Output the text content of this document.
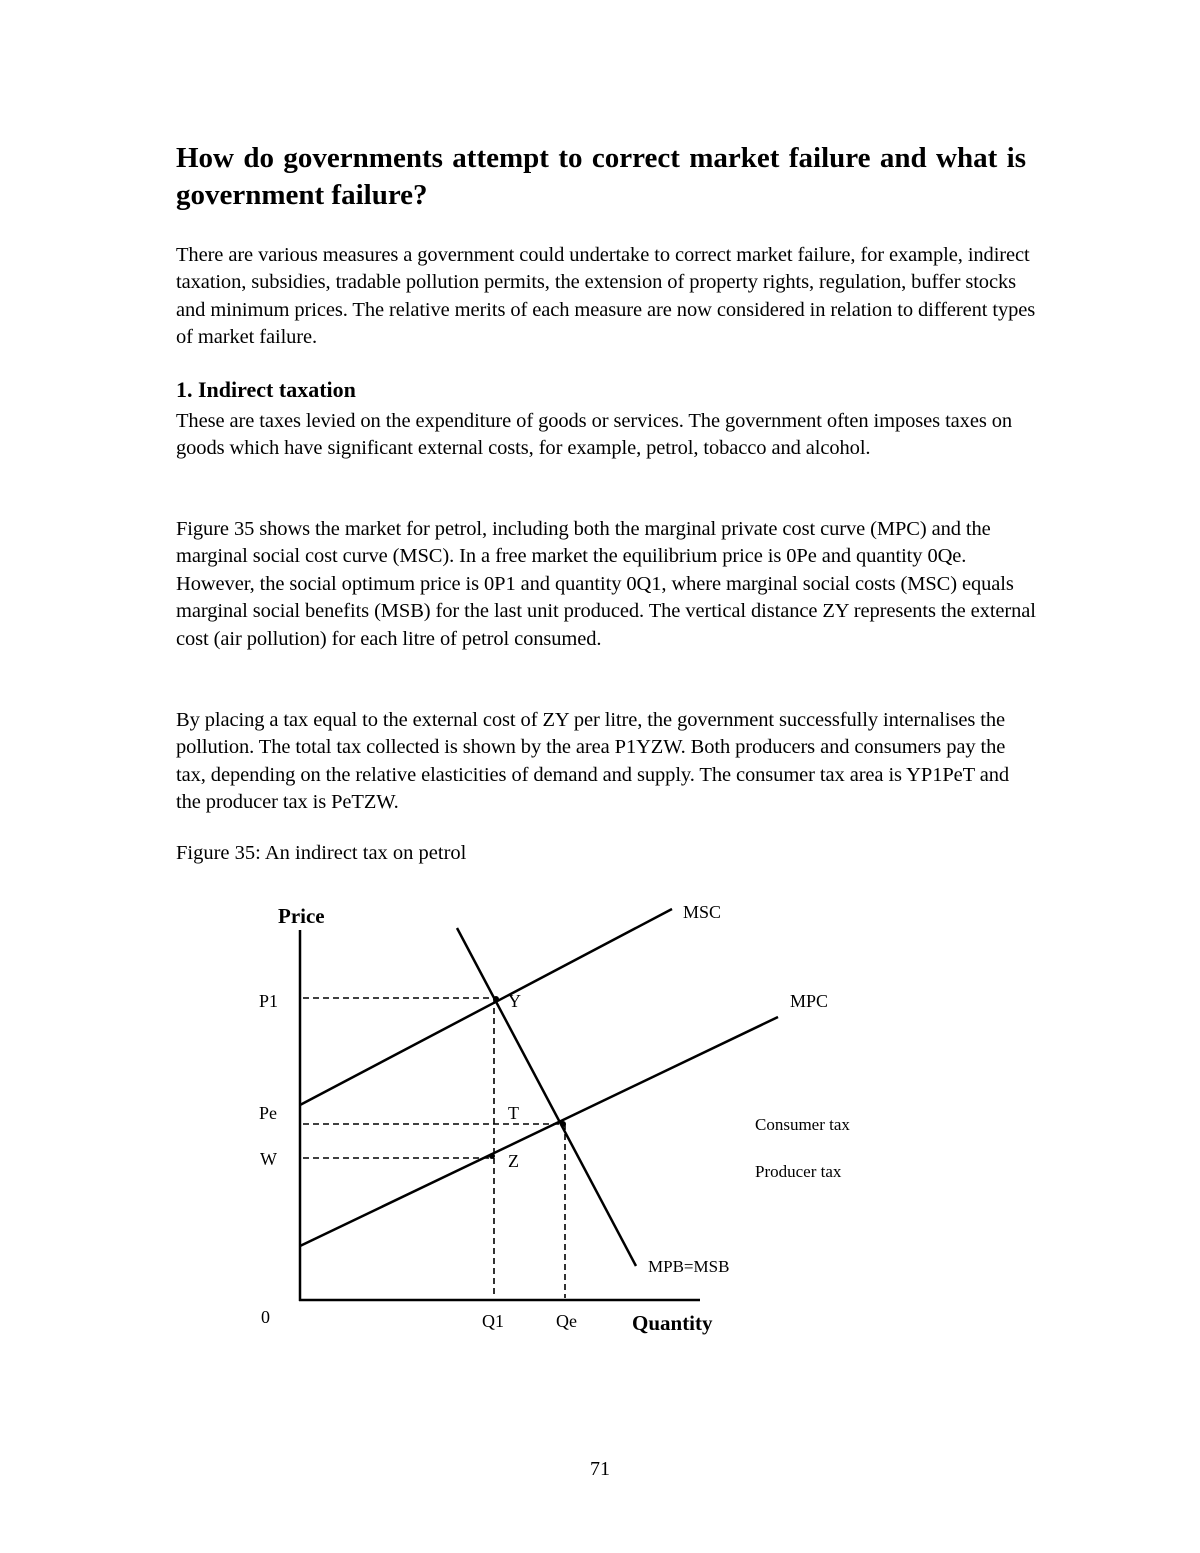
How do governments attempt to correct market failure and what is government failure?

There are various measures a government could undertake to correct market failure, for example, indirect taxation, subsidies, tradable pollution permits, the extension of property rights, regulation, buffer stocks and minimum prices. The relative merits of each measure are now considered in relation to different types of market failure.

1. Indirect taxation

These are taxes levied on the expenditure of goods or services. The government often imposes taxes on goods which have significant external costs, for example, petrol, tobacco and alcohol.

Figure 35 shows the market for petrol, including both the marginal private cost curve (MPC) and the marginal social cost curve (MSC). In a free market the equilibrium price is 0Pe and quantity 0Qe. However, the social optimum price is 0P1 and quantity 0Q1, where marginal social costs (MSC) equals marginal social benefits (MSB) for the last unit produced. The vertical distance ZY represents the external cost (air pollution) for each litre of petrol consumed.

By placing a tax equal to the external cost of ZY per litre, the government successfully internalises the pollution. The total tax collected is shown by the area P1YZW. Both producers and consumers pay the tax, depending on the relative elasticities of demand and supply. The consumer tax area is YP1PeT and the producer tax is PeTZW.

Figure 35: An indirect tax on petrol

Price
Quantity
0
P1
Pe
W
Q1	Qe
Y
T
Z
MSC
MPC
MPB=MSB
Consumer tax
Producer tax

71
